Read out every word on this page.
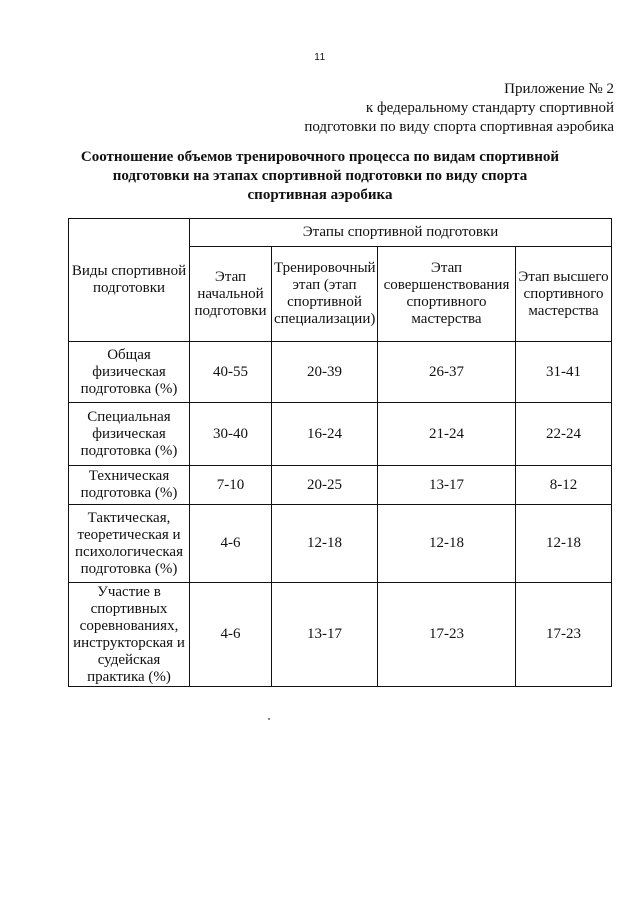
11
Приложение № 2
к федеральному стандарту спортивной
подготовки по виду спорта спортивная аэробика
Соотношение объемов тренировочного процесса по видам спортивной
подготовки на этапах спортивной подготовки по виду спорта
спортивная аэробика
Виды спортивной подготовки	Этапы спортивной подготовки			
	Этап начальной подготовки	Тренировочный этап (этап спортивной специализации)	Этап совершенствования спортивного мастерства	Этап высшего спортивного мастерства
Общая физическая подготовка (%)	40-55	20-39	26-37	31-41
Специальная физическая подготовка (%)	30-40	16-24	21-24	22-24
Техническая подготовка (%)	7-10	20-25	13-17	8-12
Тактическая, теоретическая и психологическая подготовка (%)	4-6	12-18	12-18	12-18
Участие в спортивных соревнованиях, инструкторская и судейская практика (%)	4-6	13-17	17-23	17-23
